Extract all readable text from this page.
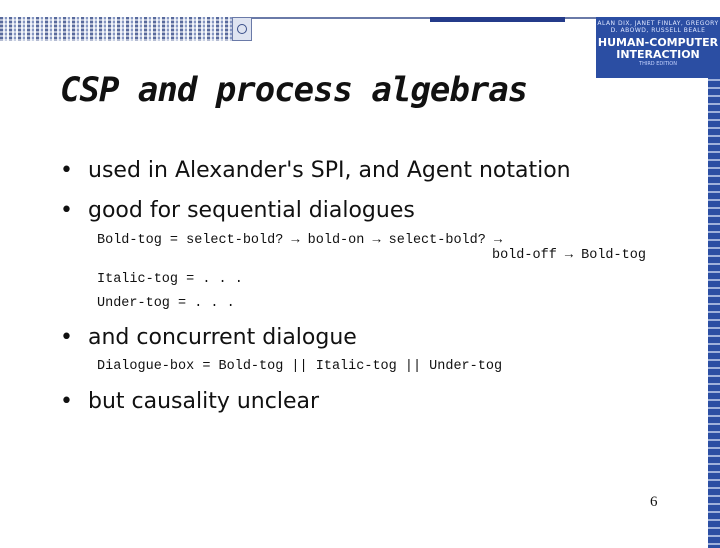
ALAN DIX, JANET FINLAY, GREGORY D. ABOWD, RUSSELL BEALE
HUMAN-COMPUTER
INTERACTION
THIRD EDITION
CSP and process algebras
• used in Alexander's SPI, and Agent notation
• good for sequential dialogues
Bold-tog = select-bold? → bold-on → select-bold? →
bold-off → Bold-tog
Italic-tog = . . .
Under-tog = . . .
• and concurrent dialogue
Dialogue-box = Bold-tog || Italic-tog || Under-tog
• but causality unclear
6
